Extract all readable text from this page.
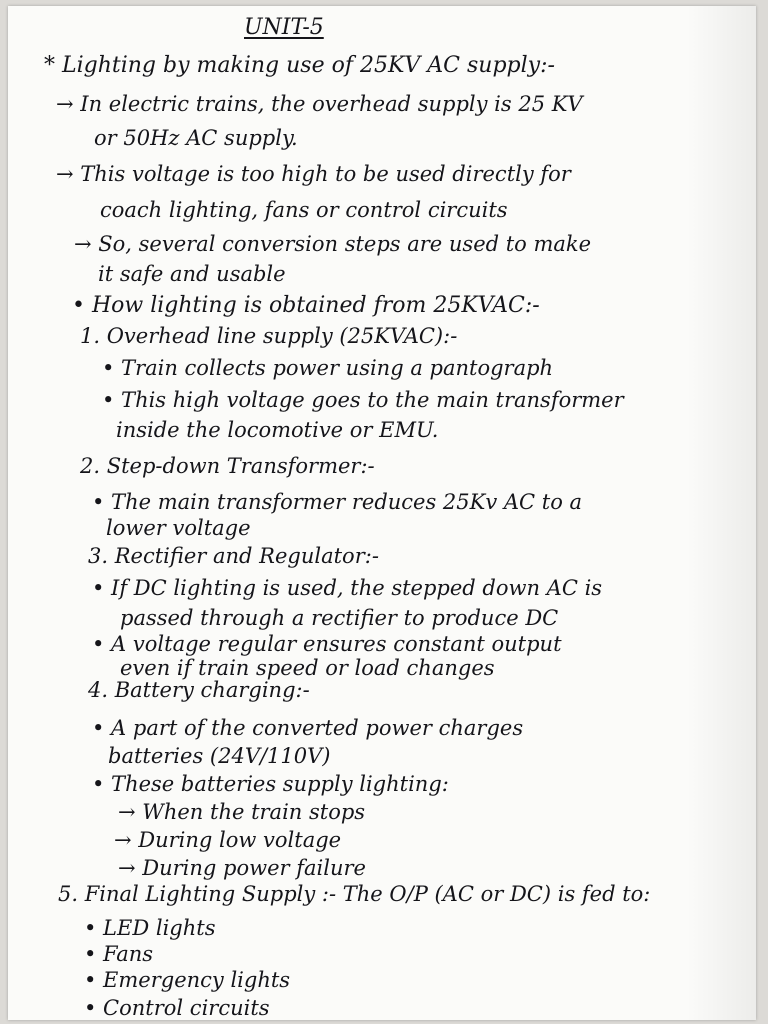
UNIT-5
* Lighting by making use of 25KV AC supply:-
→ In electric trains, the overhead supply is 25 KV
or 50Hz AC supply.
→ This voltage is too high to be used directly for
coach lighting, fans or control circuits
→ So, several conversion steps are used to make
it safe and usable
• How lighting is obtained from 25KVAC:-
1. Overhead line supply (25KVAC):-
• Train collects power using a pantograph
• This high voltage goes to the main transformer
inside the locomotive or EMU.
2. Step-down Transformer:-
• The main transformer reduces 25Kv AC to a
lower voltage
3. Rectifier and Regulator:-
• If DC lighting is used, the stepped down AC is
passed through a rectifier to produce DC
• A voltage regular ensures constant output
even if train speed or load changes
4. Battery charging:-
• A part of the converted power charges
batteries (24V/110V)
• These batteries supply lighting:
→ When the train stops
→ During low voltage
→ During power failure
5. Final Lighting Supply :- The O/P (AC or DC) is fed to:
• LED lights
• Fans
• Emergency lights
• Control circuits
